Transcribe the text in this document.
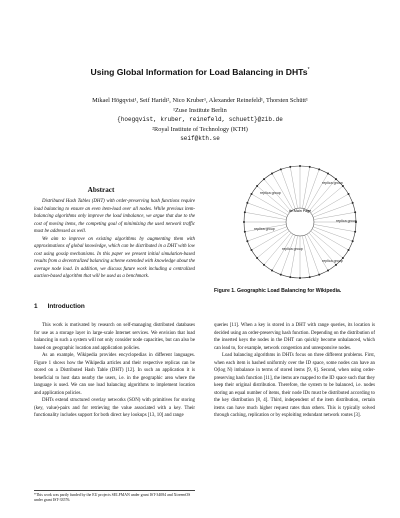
Using Global Information for Load Balancing in DHTs*
Mikael Högqvist¹, Seif Haridi², Nico Kruber¹, Alexander Reinefeld¹, Thorsten Schütt¹
¹Zuse Institute Berlin
{hoegqvist, kruber, reinefeld, schuett}@zib.de
²Royal Institute of Technology (KTH)
seif@kth.se
Abstract

Distributed Hash Tables (DHT) with order-preserving hash functions require load balancing to ensure an even item-load over all nodes. While previous item-balancing algorithms only improve the load imbalance, we argue that due to the cost of moving items, the competing goal of minimizing the used network traffic must be addressed as well.

We aim to improve on existing algorithms by augmenting them with approximations of global knowledge, which can be distributed in a DHT with low cost using gossip mechanisms. In this paper we present initial simulation-based results from a decentralized balancing scheme extended with knowledge about the average node load. In addition, we discuss future work including a centralized auction-based algorithm that will be used as a benchmark.

1 Introduction

This work is motivated by research on self-managing distributed databases for use as a storage layer in large-scale Internet services. We envision that load balancing in such a system will not only consider node capacities, but can also be based on geographic location and application policies.

As an example, Wikipedia provides encyclopedias in different languages. Figure 1 shows how the Wikipedia articles and their respective replicas can be stored on a Distributed Hash Table (DHT) [12]. In such an application it is beneficial to host data nearby the users, i.e. in the geographic area where the language is used. We can use load balancing algorithms to implement location and application policies.

DHTs extend structured overlay networks (SON) with primitives for storing (key, value)-pairs and for retrieving the value associated with a key. Their functionality includes support for both direct key lookups [13, 10] and range

*This work was partly funded by the EU projects SELFMAN under grant IST-34084 and XtreemOS under grant IST-33576.
de:Main Page
replica group
replica group
replica group
replica group
replica group
replica group
Figure 1. Geographic Load Balancing for Wikipedia.

queries [11]. When a key is stored in a DHT with range queries, its location is decided using an order-preserving hash function. Depending on the distribution of the inserted keys the nodes in the DHT can quickly become unbalanced, which can lead to, for example, network congestion and unresponsive nodes.

Load balancing algorithms in DHTs focus on three different problems. First, when each item is hashed uniformly over the ID space, some nodes can have an O(log N) imbalance in terms of stored items [9, 6]. Second, when using order-preserving hash function [11], the items are mapped to the ID space such that they keep their original distribution. Therefore, the system to be balanced, i.e. nodes storing an equal number of items, their node IDs must be distributed according to the key distribution [8, 4]. Third, independent of the item distribution, certain items can have much higher request rates than others. This is typically solved through caching, replication or by exploiting redundant network routes [3].
